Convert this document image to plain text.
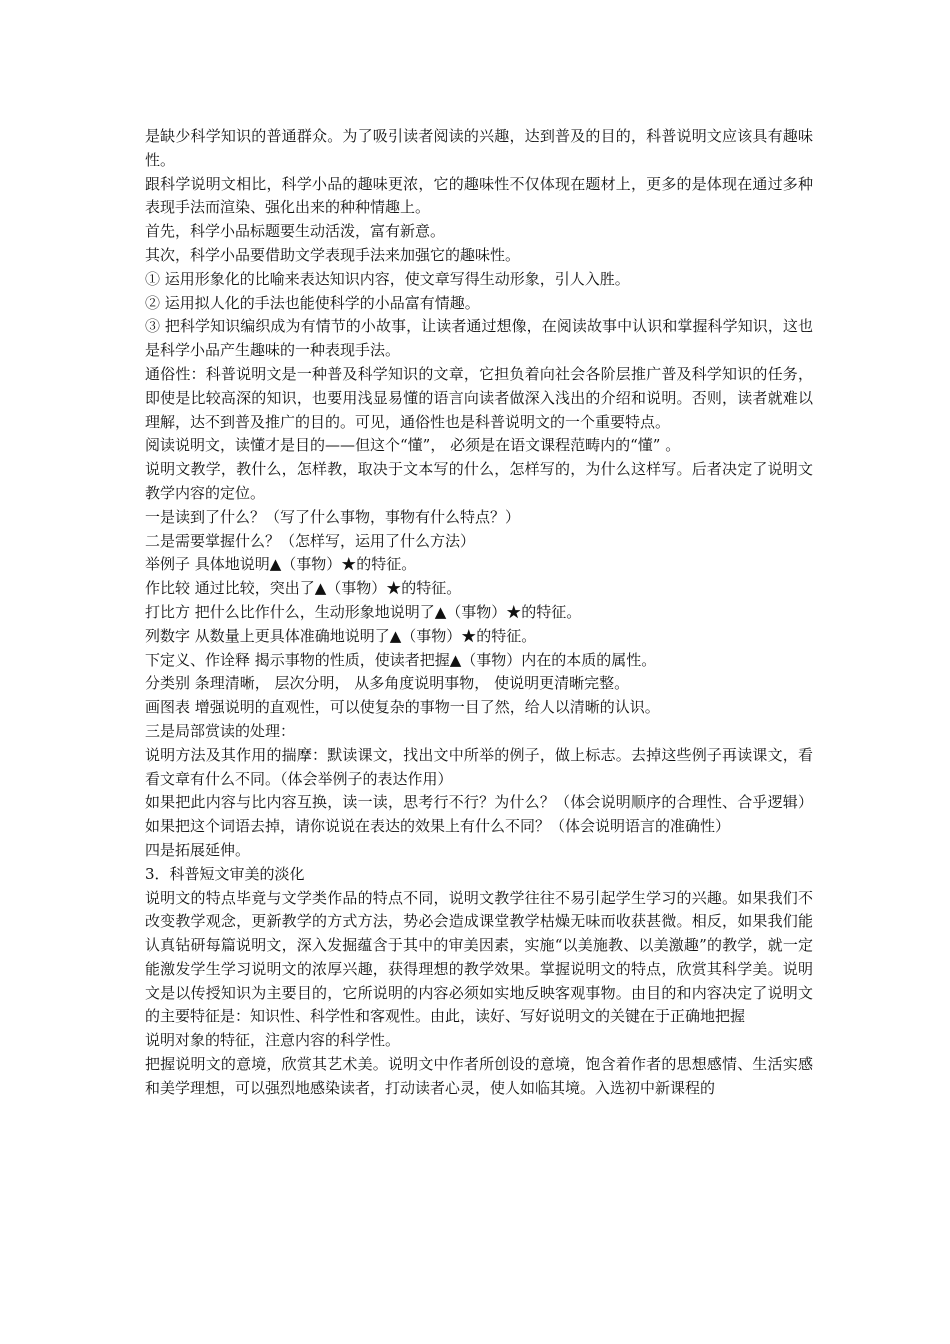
是缺少科学知识的普通群众。为了吸引读者阅读的兴趣，达到普及的目的，科普说明文应该具有趣味性。

跟科学说明文相比，科学小品的趣味更浓，它的趣味性不仅体现在题材上，更多的是体现在通过多种表现手法而渲染、强化出来的种种情趣上。

首先，科学小品标题要生动活泼，富有新意。

其次，科学小品要借助文学表现手法来加强它的趣味性。

① 运用形象化的比喻来表达知识内容，使文章写得生动形象，引人入胜。

② 运用拟人化的手法也能使科学的小品富有情趣。

③ 把科学知识编织成为有情节的小故事，让读者通过想像，在阅读故事中认识和掌握科学知识，这也是科学小品产生趣味的一种表现手法。

通俗性：科普说明文是一种普及科学知识的文章，它担负着向社会各阶层推广普及科学知识的任务，即使是比较高深的知识，也要用浅显易懂的语言向读者做深入浅出的介绍和说明。否则，读者就难以理解，达不到普及推广的目的。可见，通俗性也是科普说明文的一个重要特点。

阅读说明文，读懂才是目的——但这个“懂”， 必须是在语文课程范畴内的“懂” 。

说明文教学，教什么，怎样教，取决于文本写的什么，怎样写的，为什么这样写。后者决定了说明文教学内容的定位。

一是读到了什么？（写了什么事物，事物有什么特点？）

二是需要掌握什么？（怎样写，运用了什么方法）

举例子 具体地说明▲（事物）★的特征。

作比较 通过比较，突出了▲（事物）★的特征。

打比方 把什么比作什么，生动形象地说明了▲（事物）★的特征。

列数字 从数量上更具体准确地说明了▲（事物）★的特征。

下定义、作诠释 揭示事物的性质，使读者把握▲（事物）内在的本质的属性。

分类别 条理清晰， 层次分明， 从多角度说明事物， 使说明更清晰完整。

画图表 增强说明的直观性，可以使复杂的事物一目了然，给人以清晰的认识。

三是局部赏读的处理：

说明方法及其作用的揣摩：默读课文，找出文中所举的例子，做上标志。去掉这些例子再读课文，看看文章有什么不同。（体会举例子的表达作用）

如果把此内容与比内容互换，读一读，思考行不行？为什么？（体会说明顺序的合理性、合乎逻辑）如果把这个词语去掉，请你说说在表达的效果上有什么不同？（体会说明语言的准确性）

四是拓展延伸。

3．科普短文审美的淡化

说明文的特点毕竟与文学类作品的特点不同，说明文教学往往不易引起学生学习的兴趣。如果我们不改变教学观念，更新教学的方式方法，势必会造成课堂教学枯燥无味而收获甚微。相反，如果我们能认真钻研每篇说明文，深入发掘蕴含于其中的审美因素，实施“以美施教、以美激趣”的教学，就一定能激发学生学习说明文的浓厚兴趣，获得理想的教学效果。掌握说明文的特点，欣赏其科学美。说明文是以传授知识为主要目的，它所说明的内容必须如实地反映客观事物。由目的和内容决定了说明文的主要特征是：知识性、科学性和客观性。由此，读好、写好说明文的关键在于正确地把握

说明对象的特征，注意内容的科学性。

把握说明文的意境，欣赏其艺术美。说明文中作者所创设的意境，饱含着作者的思想感情、生活实感和美学理想，可以强烈地感染读者，打动读者心灵，使人如临其境。入选初中新课程的
